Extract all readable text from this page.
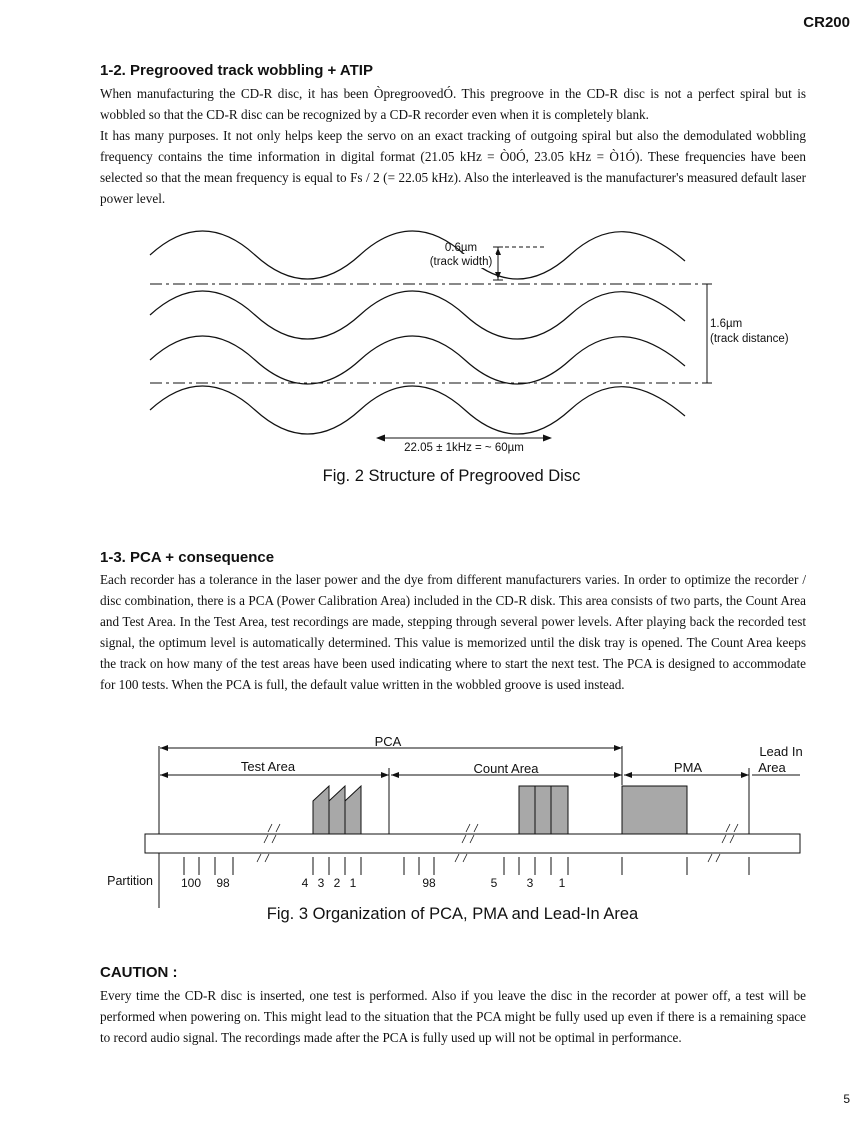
CR200
1-2. Pregrooved track wobbling + ATIP

When manufacturing the CD-R disc, it has been ÒpregroovedÓ. This pregroove in the CD-R disc is not a perfect spiral but is wobbled so that the CD-R disc can be recognized by a CD-R recorder even when it is completely blank.

It has many purposes. It not only helps keep the servo on an exact tracking of outgoing spiral but also the demodulated wobbling frequency contains the time information in digital format (21.05 kHz = Ò0Ó, 23.05 kHz = Ò1Ó). These frequencies have been selected so that the mean frequency is equal to Fs / 2 (= 22.05 kHz). Also the interleaved is the manufacturer's measured default laser power level.

0.6µm
(track width)
1.6µm
(track distance)
22.05 ± 1kHz = ~ 60µm
Fig. 2 Structure of Pregrooved Disc
1-3. PCA + consequence

Each recorder has a tolerance in the laser power and the dye from different manufacturers varies. In order to optimize the recorder / disc combination, there is a PCA (Power Calibration Area) included in the CD-R disk. This area consists of two parts, the Count Area and Test Area. In the Test Area, test recordings are made, stepping through several power levels. After playing back the recorded test signal, the optimum level is automatically determined. This value is memorized until the disk tray is opened. The Count Area keeps the track on how many of the test areas have been used indicating where to start the next test. The PCA is designed to accommodate for 100 tests. When the PCA is full, the default value written in the wobbled groove is used instead.

PCA
Test Area	Count Area	PMA
Lead In
Area
Partition 100 98	4 3 2 1	98	5 3 1
Fig. 3 Organization of PCA, PMA and Lead-In Area
CAUTION :

Every time the CD-R disc is inserted, one test is performed. Also if you leave the disc in the recorder at power off, a test will be performed when powering on. This might lead to the situation that the PCA might be fully used up even if there is a remaining space to record audio signal. The recordings made after the PCA is fully used up will not be optimal in performance.

5
